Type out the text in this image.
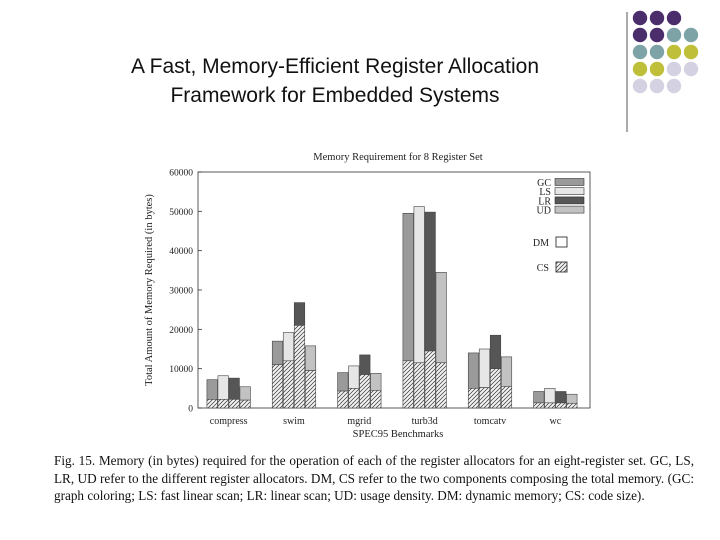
A Fast, Memory-Efficient Register Allocation
Framework for Embedded Systems
Memory Requirement for 8 Register Set
0
10000
20000
30000
40000
50000
60000
Total Amount of Memory Required (in bytes)
SPEC95 Benchmarks
compress	swim	mgrid	turb3d	tomcatv	wc
GC
LS
LR
UD
DM
CS
Fig. 15. Memory (in bytes) required for the operation of each of the register allocators for an eight-register set. GC, LS, LR, UD refer to the different register allocators. DM, CS refer to the two components composing the total memory. (GC: graph coloring; LS: fast linear scan; LR: linear scan; UD: usage density. DM: dynamic memory; CS: code size).
